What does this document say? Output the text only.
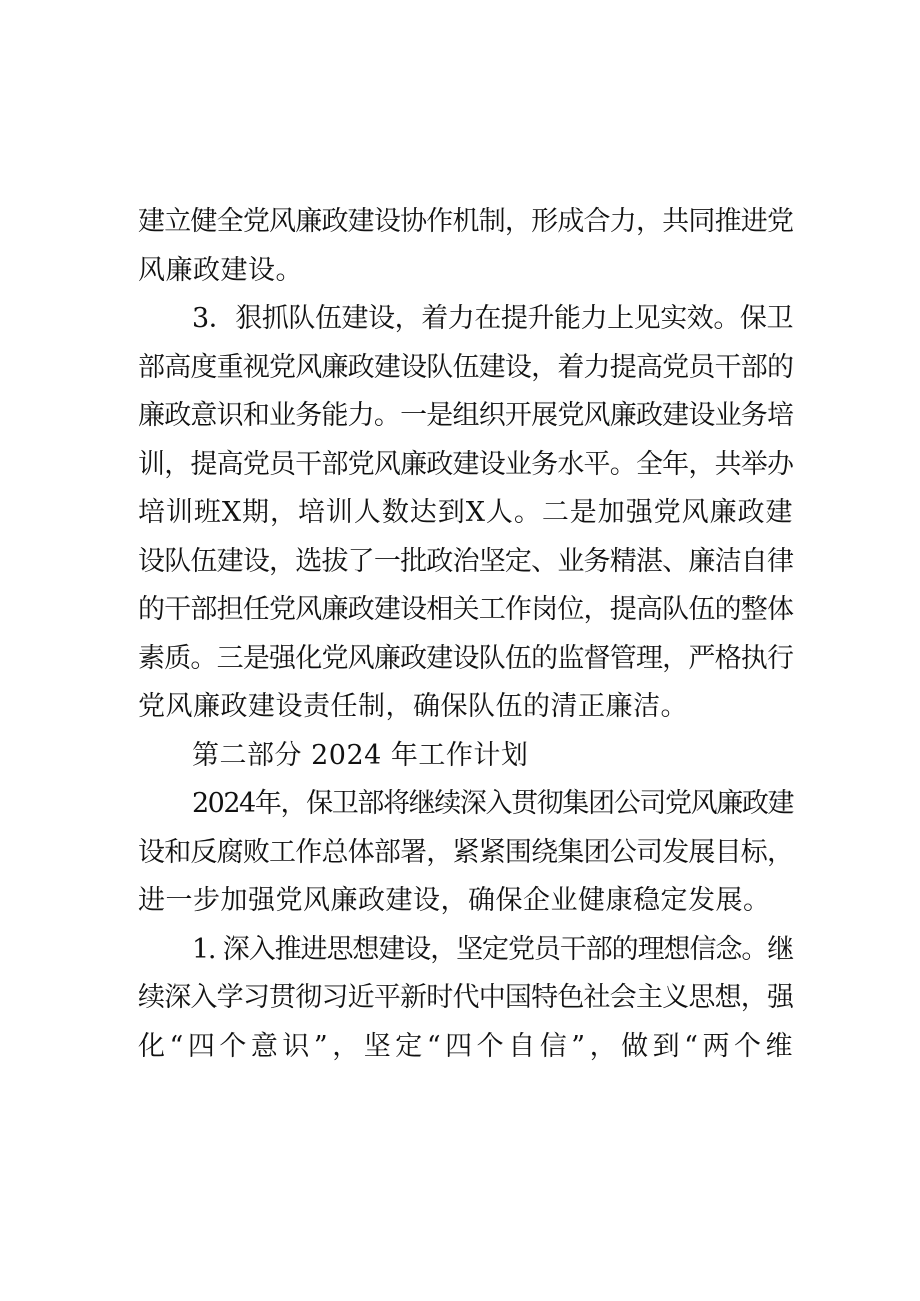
建立健全党风廉政建设协作机制，形成合力，共同推进党
风廉政建设。

3．狠抓队伍建设，着力在提升能力上见实效。保卫
部高度重视党风廉政建设队伍建设，着力提高党员干部的
廉政意识和业务能力。一是组织开展党风廉政建设业务培
训，提高党员干部党风廉政建设业务水平。全年，共举办
培训班X期，培训人数达到X人。二是加强党风廉政建
设队伍建设，选拔了一批政治坚定、业务精湛、廉洁自律
的干部担任党风廉政建设相关工作岗位，提高队伍的整体
素质。三是强化党风廉政建设队伍的监督管理，严格执行
党风廉政建设责任制，确保队伍的清正廉洁。

第二部分 2024 年工作计划

2024年，保卫部将继续深入贯彻集团公司党风廉政建
设和反腐败工作总体部署，紧紧围绕集团公司发展目标，
进一步加强党风廉政建设，确保企业健康稳定发展。

1. 深入推进思想建设，坚定党员干部的理想信念。继
续深入学习贯彻习近平新时代中国特色社会主义思想，强
化“四个意识”，坚定“四个自信”，做到“两个维
